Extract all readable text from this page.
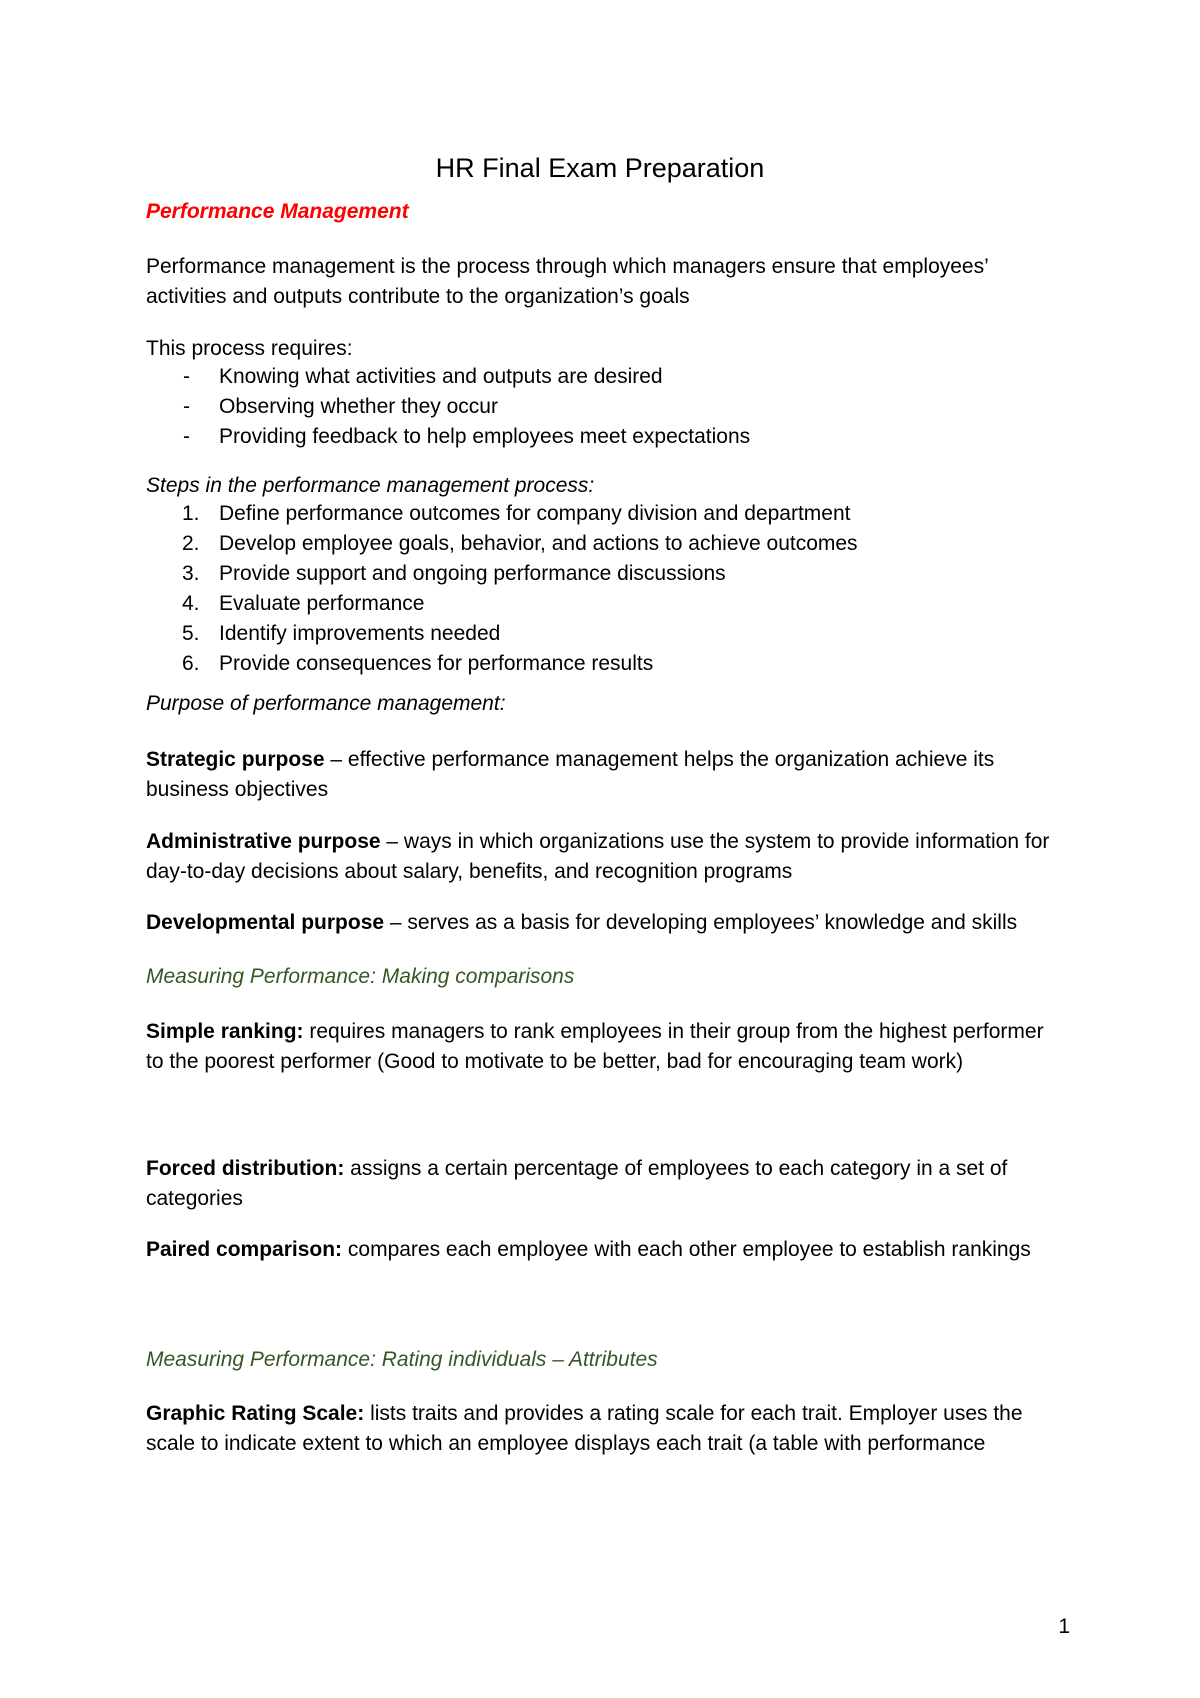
HR Final Exam Preparation

Performance Management

Performance management is the process through which managers ensure that employees’ activities and outputs contribute to the organization’s goals

This process requires:

- Knowing what activities and outputs are desired
- Observing whether they occur
- Providing feedback to help employees meet expectations

Steps in the performance management process:

1. Define performance outcomes for company division and department
2. Develop employee goals, behavior, and actions to achieve outcomes
3. Provide support and ongoing performance discussions
4. Evaluate performance
5. Identify improvements needed
6. Provide consequences for performance results

Purpose of performance management:

Strategic purpose – effective performance management helps the organization achieve its business objectives

Administrative purpose – ways in which organizations use the system to provide information for day-to-day decisions about salary, benefits, and recognition programs

Developmental purpose – serves as a basis for developing employees’ knowledge and skills

Measuring Performance: Making comparisons

Simple ranking: requires managers to rank employees in their group from the highest performer to the poorest performer (Good to motivate to be better, bad for encouraging team work)

Forced distribution: assigns a certain percentage of employees to each category in a set of categories

Paired comparison: compares each employee with each other employee to establish rankings

Measuring Performance: Rating individuals – Attributes

Graphic Rating Scale: lists traits and provides a rating scale for each trait. Employer uses the scale to indicate extent to which an employee displays each trait (a table with performance

1
